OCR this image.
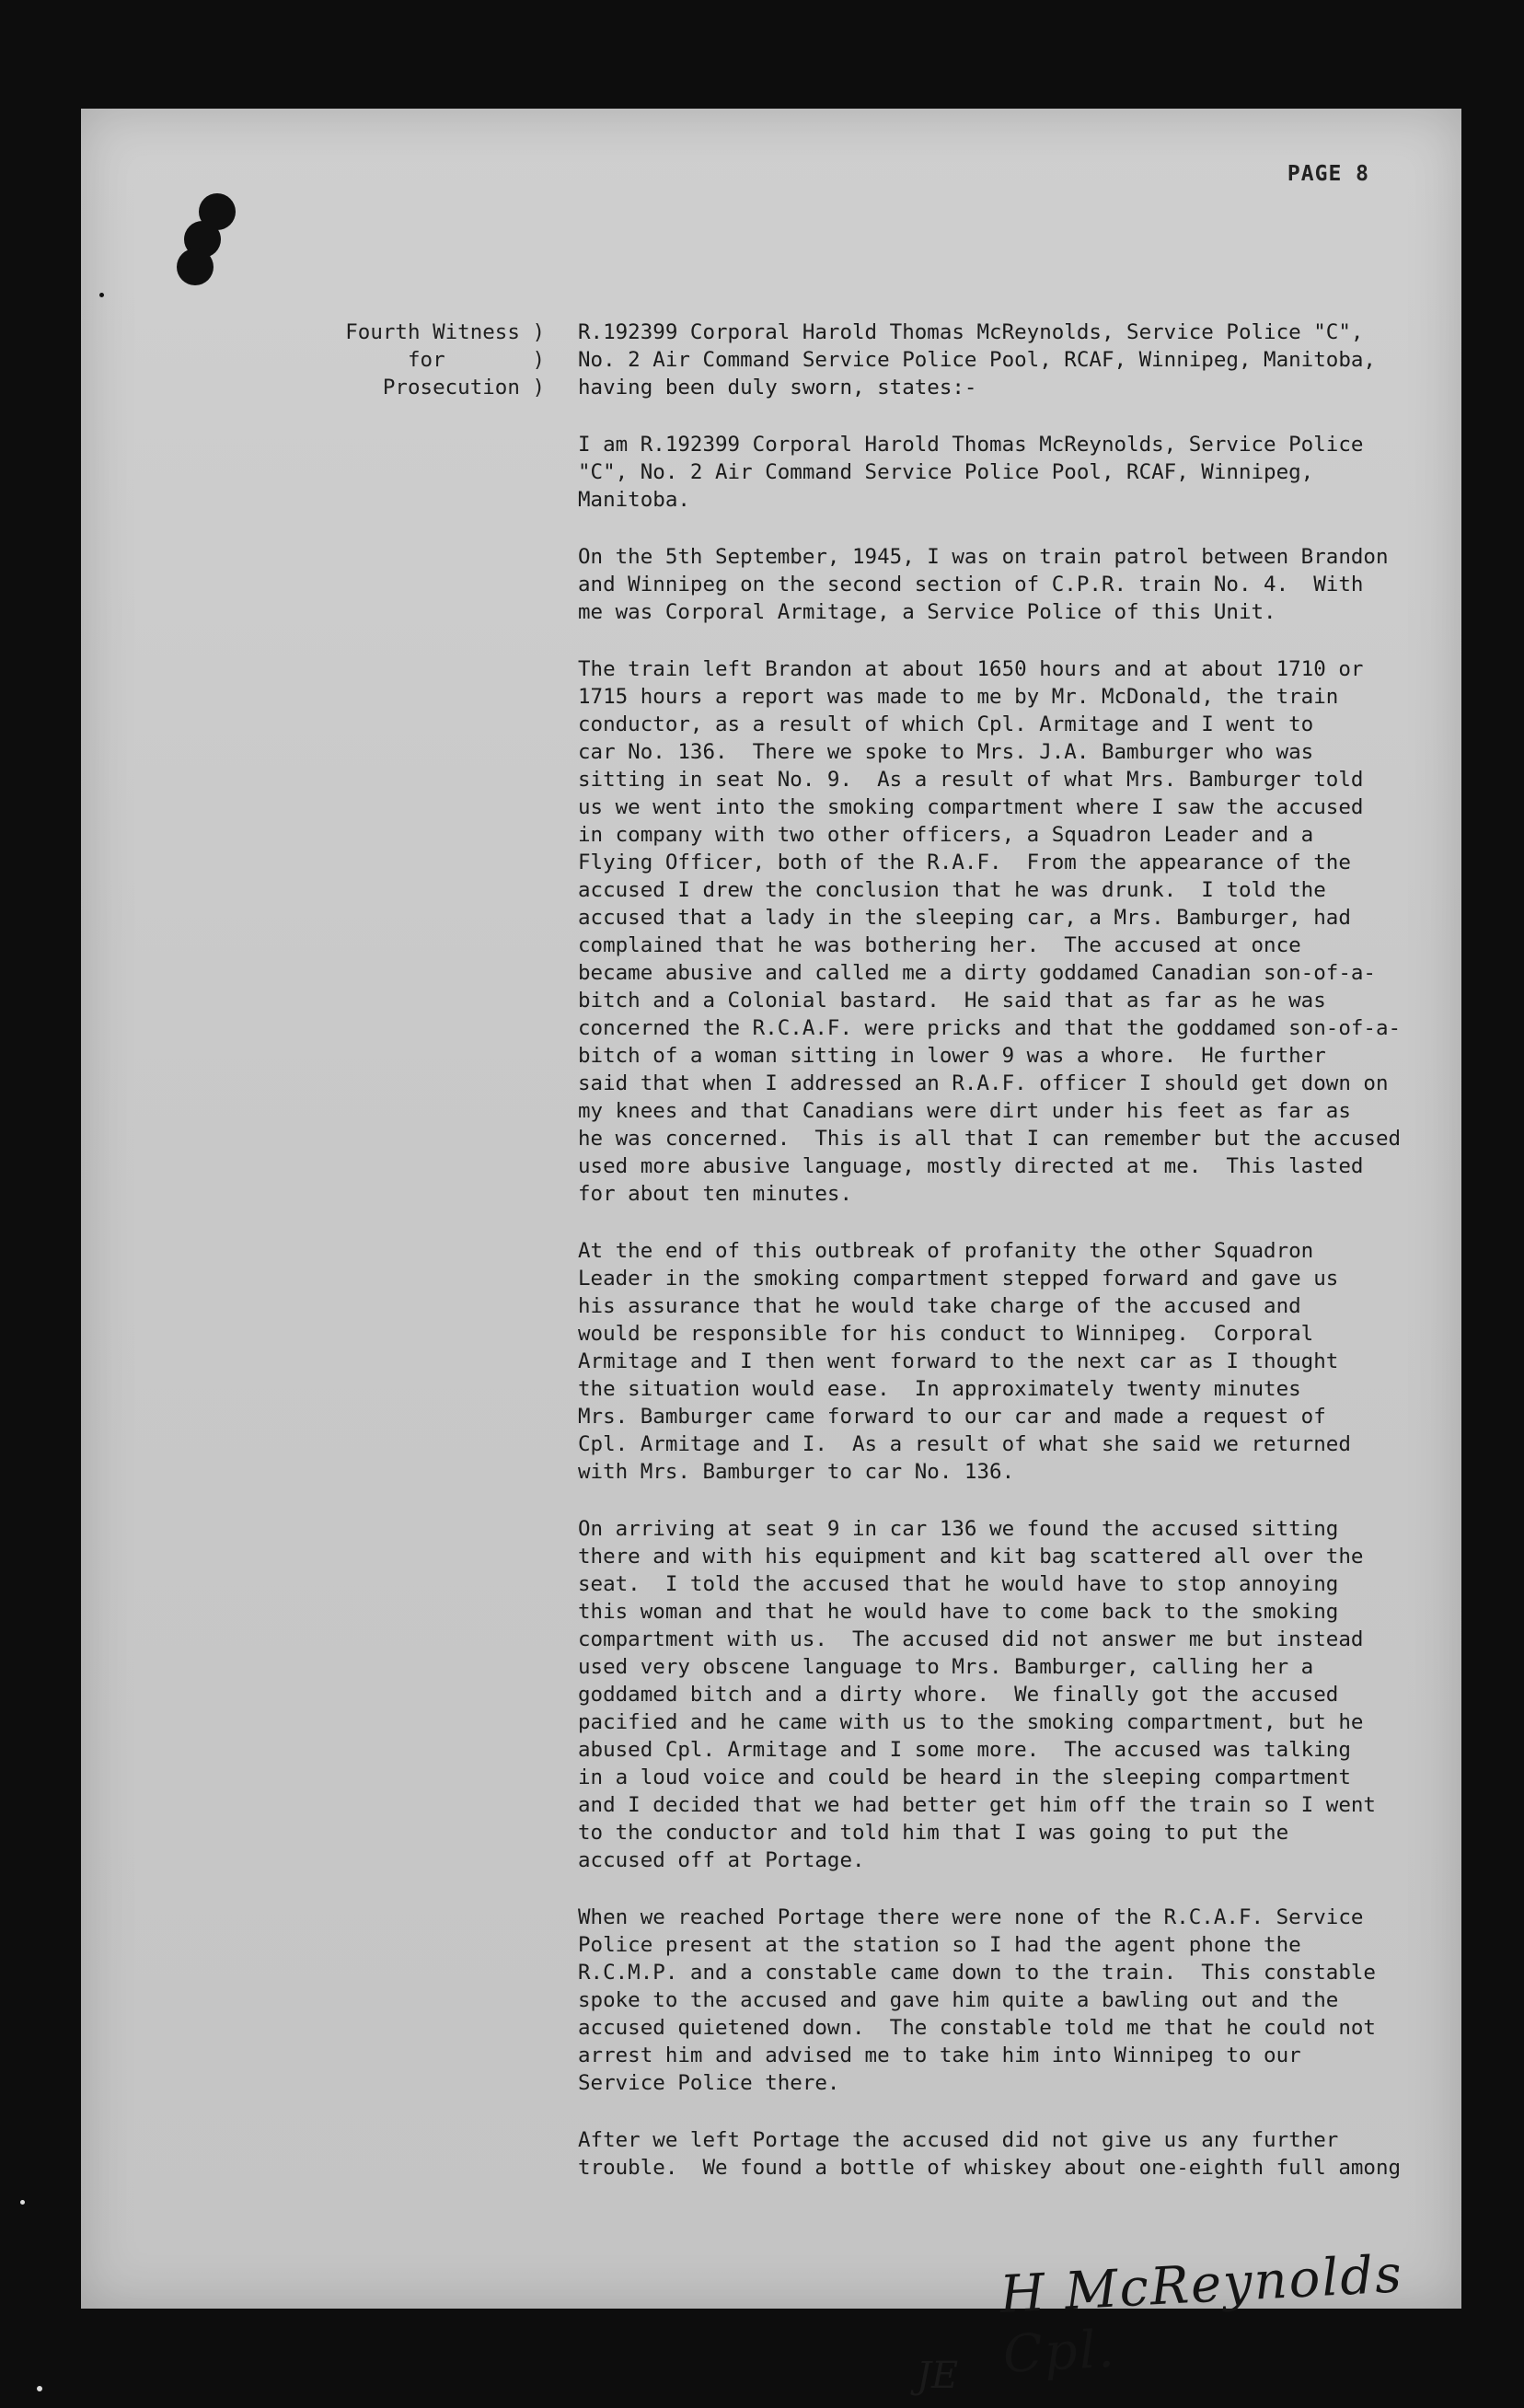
PAGE 8
Fourth Witness )
for       )
Prosecution )
R.192399 Corporal Harold Thomas McReynolds, Service Police "C",
No. 2 Air Command Service Police Pool, RCAF, Winnipeg, Manitoba,
having been duly sworn, states:-
I am R.192399 Corporal Harold Thomas McReynolds, Service Police
"C", No. 2 Air Command Service Police Pool, RCAF, Winnipeg,
Manitoba.
On the 5th September, 1945, I was on train patrol between Brandon
and Winnipeg on the second section of C.P.R. train No. 4.  With
me was Corporal Armitage, a Service Police of this Unit.
The train left Brandon at about 1650 hours and at about 1710 or
1715 hours a report was made to me by Mr. McDonald, the train
conductor, as a result of which Cpl. Armitage and I went to
car No. 136.  There we spoke to Mrs. J.A. Bamburger who was
sitting in seat No. 9.  As a result of what Mrs. Bamburger told
us we went into the smoking compartment where I saw the accused
in company with two other officers, a Squadron Leader and a
Flying Officer, both of the R.A.F.  From the appearance of the
accused I drew the conclusion that he was drunk.  I told the
accused that a lady in the sleeping car, a Mrs. Bamburger, had
complained that he was bothering her.  The accused at once
became abusive and called me a dirty goddamed Canadian son-of-a-
bitch and a Colonial bastard.  He said that as far as he was
concerned the R.C.A.F. were pricks and that the goddamed son-of-a-
bitch of a woman sitting in lower 9 was a whore.  He further
said that when I addressed an R.A.F. officer I should get down on
my knees and that Canadians were dirt under his feet as far as
he was concerned.  This is all that I can remember but the accused
used more abusive language, mostly directed at me.  This lasted
for about ten minutes.
At the end of this outbreak of profanity the other Squadron
Leader in the smoking compartment stepped forward and gave us
his assurance that he would take charge of the accused and
would be responsible for his conduct to Winnipeg.  Corporal
Armitage and I then went forward to the next car as I thought
the situation would ease.  In approximately twenty minutes
Mrs. Bamburger came forward to our car and made a request of
Cpl. Armitage and I.  As a result of what she said we returned
with Mrs. Bamburger to car No. 136.
On arriving at seat 9 in car 136 we found the accused sitting
there and with his equipment and kit bag scattered all over the
seat.  I told the accused that he would have to stop annoying
this woman and that he would have to come back to the smoking
compartment with us.  The accused did not answer me but instead
used very obscene language to Mrs. Bamburger, calling her a
goddamed bitch and a dirty whore.  We finally got the accused
pacified and he came with us to the smoking compartment, but he
abused Cpl. Armitage and I some more.  The accused was talking
in a loud voice and could be heard in the sleeping compartment
and I decided that we had better get him off the train so I went
to the conductor and told him that I was going to put the
accused off at Portage.
When we reached Portage there were none of the R.C.A.F. Service
Police present at the station so I had the agent phone the
R.C.M.P. and a constable came down to the train.  This constable
spoke to the accused and gave him quite a bawling out and the
accused quietened down.  The constable told me that he could not
arrest him and advised me to take him into Winnipeg to our
Service Police there.
After we left Portage the accused did not give us any further
trouble.  We found a bottle of whiskey about one-eighth full among
H McReynolds Cpl.
JE
